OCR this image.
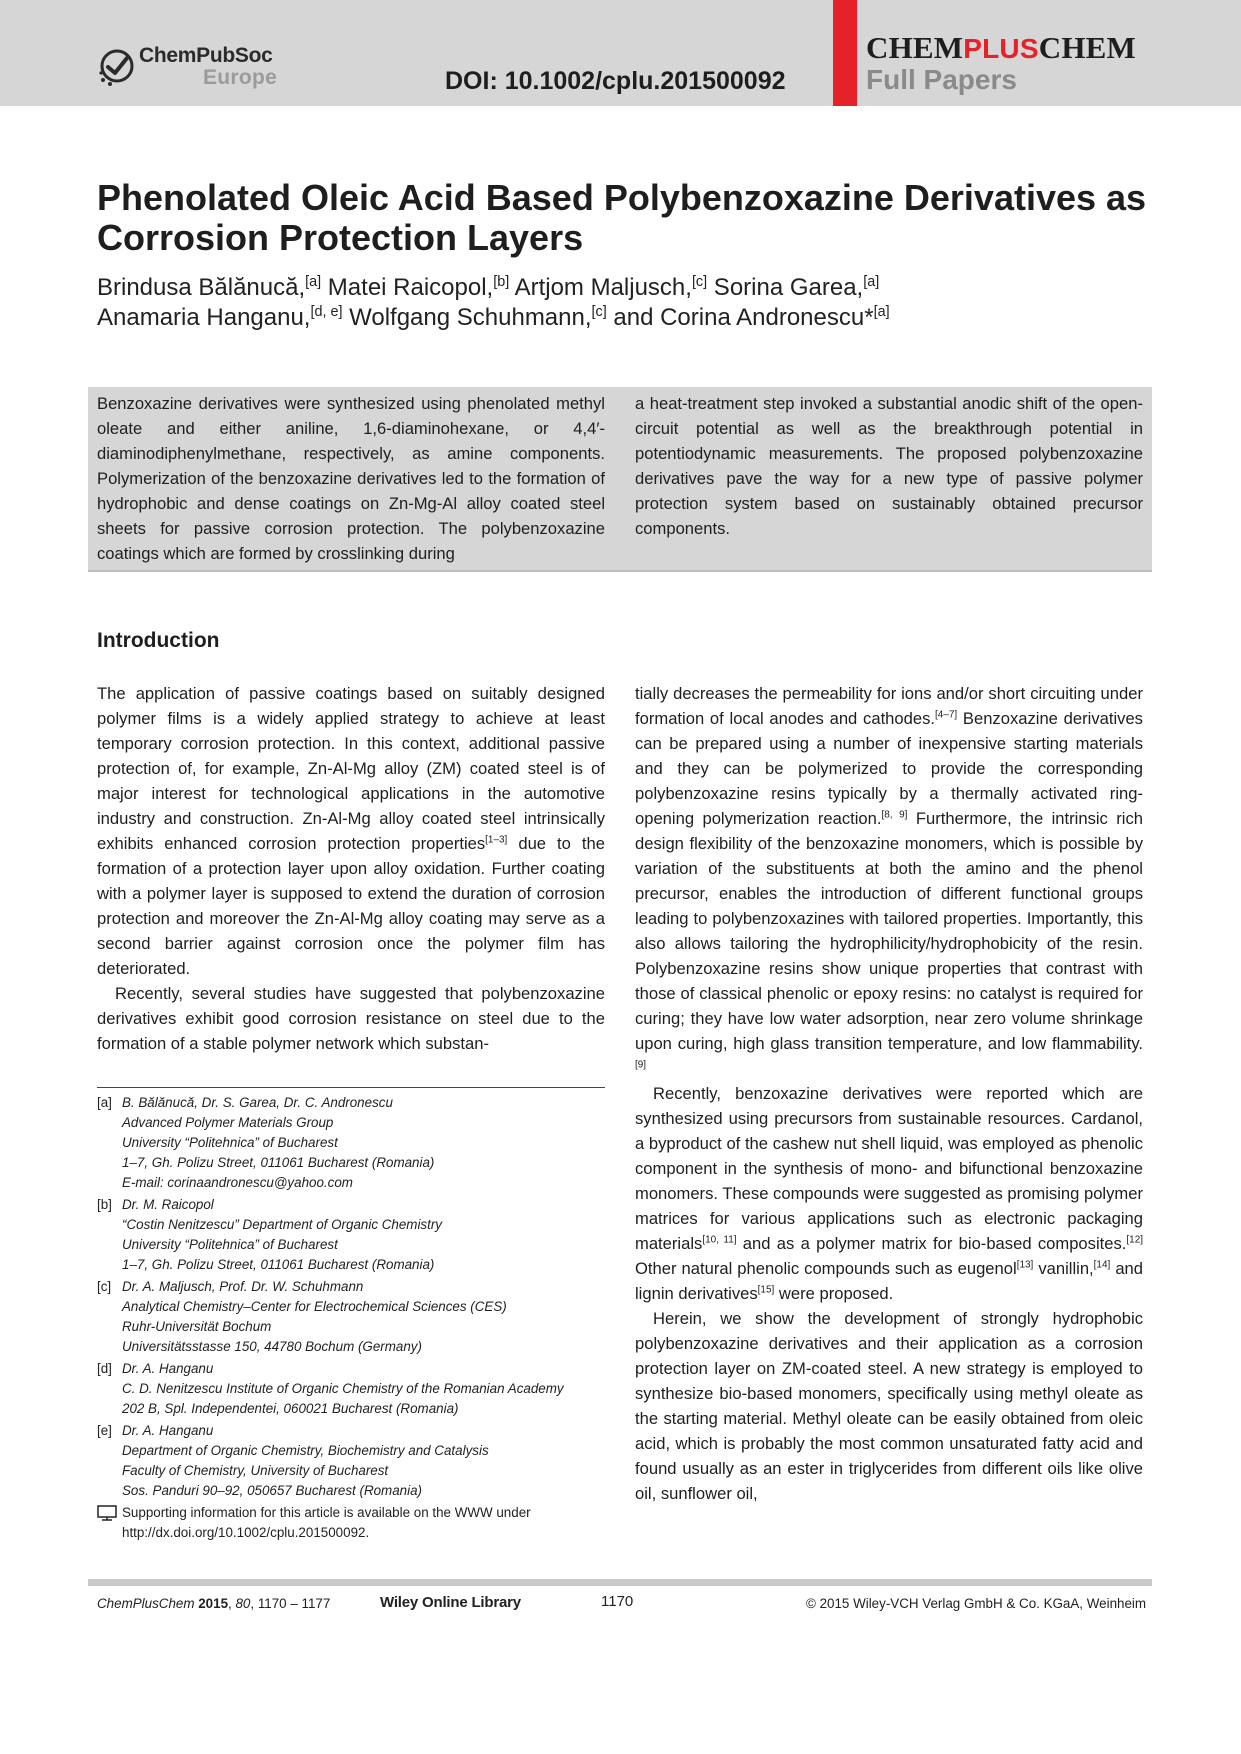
ChemPubSoc
Europe	DOI: 10.1002/cplu.201500092
CHEMPLUSCHEM
Full Papers
Phenolated Oleic Acid Based Polybenzoxazine Derivatives as Corrosion Protection Layers
Brindusa Bălănucă,[a] Matei Raicopol,[b] Artjom Maljusch,[c] Sorina Garea,[a]
Anamaria Hanganu,[d, e] Wolfgang Schuhmann,[c] and Corina Andronescu*[a]
Benzoxazine derivatives were synthesized using phenolated methyl oleate and either aniline, 1,6-diaminohexane, or 4,4′-diaminodiphenylmethane, respectively, as amine components. Polymerization of the benzoxazine derivatives led to the formation of hydrophobic and dense coatings on Zn-Mg-Al alloy coated steel sheets for passive corrosion protection. The polybenzoxazine coatings which are formed by crosslinking during
a heat-treatment step invoked a substantial anodic shift of the open-circuit potential as well as the breakthrough potential in potentiodynamic measurements. The proposed polybenzoxazine derivatives pave the way for a new type of passive polymer protection system based on sustainably obtained precursor components.
Introduction

The application of passive coatings based on suitably designed polymer films is a widely applied strategy to achieve at least temporary corrosion protection. In this context, additional passive protection of, for example, Zn-Al-Mg alloy (ZM) coated steel is of major interest for technological applications in the automotive industry and construction. Zn-Al-Mg alloy coated steel intrinsically exhibits enhanced corrosion protection properties[1–3] due to the formation of a protection layer upon alloy oxidation. Further coating with a polymer layer is supposed to extend the duration of corrosion protection and moreover the Zn-Al-Mg alloy coating may serve as a second barrier against corrosion once the polymer film has deteriorated.

Recently, several studies have suggested that polybenzoxazine derivatives exhibit good corrosion resistance on steel due to the formation of a stable polymer network which substan-

tially decreases the permeability for ions and/or short circuiting under formation of local anodes and cathodes.[4–7] Benzoxazine derivatives can be prepared using a number of inexpensive starting materials and they can be polymerized to provide the corresponding polybenzoxazine resins typically by a thermally activated ring-opening polymerization reaction.[8, 9] Furthermore, the intrinsic rich design flexibility of the benzoxazine monomers, which is possible by variation of the substituents at both the amino and the phenol precursor, enables the introduction of different functional groups leading to polybenzoxazines with tailored properties. Importantly, this also allows tailoring the hydrophilicity/hydrophobicity of the resin. Polybenzoxazine resins show unique properties that contrast with those of classical phenolic or epoxy resins: no catalyst is required for curing; they have low water adsorption, near zero volume shrinkage upon curing, high glass transition temperature, and low flammability.[9]

Recently, benzoxazine derivatives were reported which are synthesized using precursors from sustainable resources. Cardanol, a byproduct of the cashew nut shell liquid, was employed as phenolic component in the synthesis of mono- and bifunctional benzoxazine monomers. These compounds were suggested as promising polymer matrices for various applications such as electronic packaging materials[10, 11] and as a polymer matrix for bio-based composites.[12] Other natural phenolic compounds such as eugenol[13] vanillin,[14] and lignin derivatives[15] were proposed.

Herein, we show the development of strongly hydrophobic polybenzoxazine derivatives and their application as a corrosion protection layer on ZM-coated steel. A new strategy is employed to synthesize bio-based monomers, specifically using methyl oleate as the starting material. Methyl oleate can be easily obtained from oleic acid, which is probably the most common unsaturated fatty acid and found usually as an ester in triglycerides from different oils like olive oil, sunflower oil,

[a] B. Bălănucă, Dr. S. Garea, Dr. C. Andronescu
Advanced Polymer Materials Group
University “Politehnica” of Bucharest
1–7, Gh. Polizu Street, 011061 Bucharest (Romania)
E-mail: corinaandronescu@yahoo.com
[b] Dr. M. Raicopol
“Costin Nenitzescu” Department of Organic Chemistry
University “Politehnica” of Bucharest
1–7, Gh. Polizu Street, 011061 Bucharest (Romania)
[c] Dr. A. Maljusch, Prof. Dr. W. Schuhmann
Analytical Chemistry–Center for Electrochemical Sciences (CES)
Ruhr-Universität Bochum
Universitätsstasse 150, 44780 Bochum (Germany)
[d] Dr. A. Hanganu
C. D. Nenitzescu Institute of Organic Chemistry of the Romanian Academy
202 B, Spl. Independentei, 060021 Bucharest (Romania)
[e] Dr. A. Hanganu
Department of Organic Chemistry, Biochemistry and Catalysis
Faculty of Chemistry, University of Bucharest
Sos. Panduri 90–92, 050657 Bucharest (Romania)
Supporting information for this article is available on the WWW under
http://dx.doi.org/10.1002/cplu.201500092.
ChemPlusChem 2015, 80, 1170 – 1177	Wiley Online Library	1170	© 2015 Wiley-VCH Verlag GmbH & Co. KGaA, Weinheim
